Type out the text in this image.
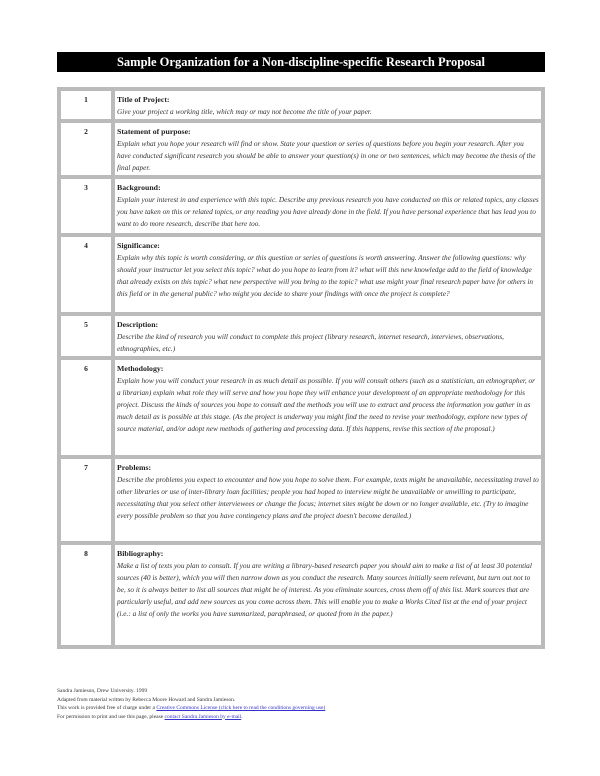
Sample Organization for a Non-discipline-specific Research Proposal
1	Title of Project:
Give your project a working title, which may or may not become the title of your paper.

2	Statement of purpose:
Explain what you hope your research will find or show. State your question or series of questions before you begin your research. After you have conducted significant research you should be able to answer your question(s) in one or two sentences, which may become the thesis of the final paper.

3	Background:
Explain your interest in and experience with this topic. Describe any previous research you have conducted on this or related topics, any classes you have taken on this or related topics, or any reading you have already done in the field. If you have personal experience that has lead you to want to do more research, describe that here too.

4	Significance:
Explain why this topic is worth considering, or this question or series of questions is worth answering. Answer the following questions: why should your instructor let you select this topic? what do you hope to learn from it? what will this new knowledge add to the field of knowledge that already exists on this topic? what new perspective will you bring to the topic? what use might your final research paper have for others in this field or in the general public? who might you decide to share your findings with once the project is complete?

5	Description:
Describe the kind of research you will conduct to complete this project (library research, internet research, interviews, observations, ethnographies, etc.)

6	Methodology:
Explain how you will conduct your research in as much detail as possible. If you will consult others (such as a statistician, an ethnographer, or a librarian) explain what role they will serve and how you hope they will enhance your development of an appropriate methodology for this project. Discuss the kinds of sources you hope to consult and the methods you will use to extract and process the information you gather in as much detail as is possible at this stage. (As the project is underway you might find the need to revise your methodology, explore new types of source material, and/or adopt new methods of gathering and processing data. If this happens, revise this section of the proposal.)

7	Problems:
Describe the problems you expect to encounter and how you hope to solve them. For example, texts might be unavailable, necessitating travel to other libraries or use of inter-library loan facilities; people you had hoped to interview might be unavailable or unwilling to participate, necessitating that you select other interviewees or change the focus; internet sites might be down or no longer available, etc. (Try to imagine every possible problem so that you have contingency plans and the project doesn't become derailed.)

8	Bibliography:
Make a list of texts you plan to consult. If you are writing a library-based research paper you should aim to make a list of at least 30 potential sources (40 is better), which you will then narrow down as you conduct the research. Many sources initially seem relevant, but turn out not to be, so it is always better to list all sources that might be of interest. As you eliminate sources, cross them off of this list. Mark sources that are particularly useful, and add new sources as you come across them. This will enable you to make a Works Cited list at the end of your project (i.e.: a list of only the works you have summarized, paraphrased, or quoted from in the paper.)
Sandra Jamieson, Drew University. 1999
Adapted from material written by Rebecca Moore Howard and Sandra Jamieson.
This work is provided free of charge under a Creative Commons License (click here to read the conditions governing use)
For permission to print and use this page, please contact Sandra Jamieson by e-mail.
